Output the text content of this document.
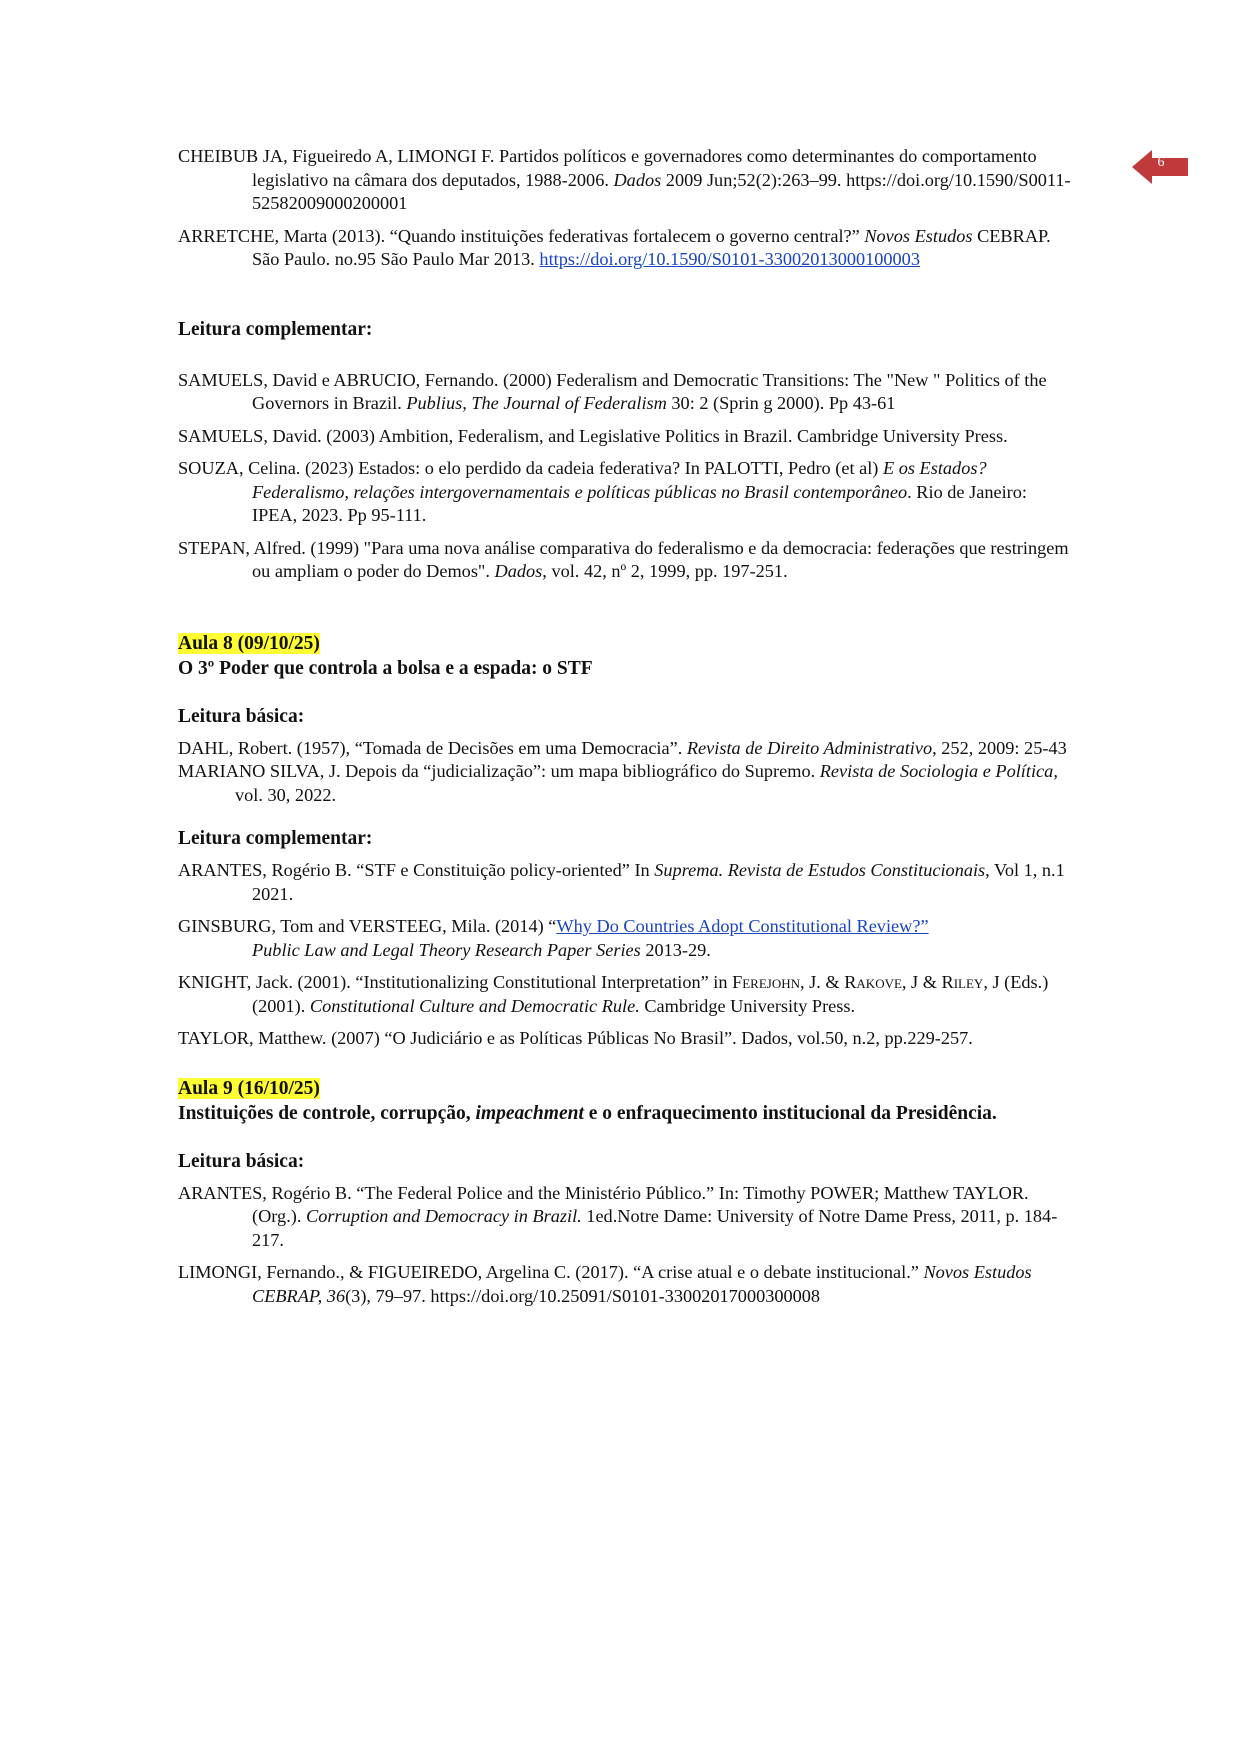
6

CHEIBUB JA, Figueiredo A, LIMONGI F. Partidos políticos e governadores como determinantes do comportamento legislativo na câmara dos deputados, 1988-2006. Dados 2009 Jun;52(2):263–99. https://doi.org/10.1590/S0011-52582009000200001

ARRETCHE, Marta (2013). “Quando instituições federativas fortalecem o governo central?” Novos Estudos CEBRAP. São Paulo. no.95 São Paulo Mar 2013. https://doi.org/10.1590/S0101-33002013000100003

Leitura complementar:

SAMUELS, David e ABRUCIO, Fernando. (2000) Federalism and Democratic Transitions: The "New " Politics of the Governors in Brazil. Publius, The Journal of Federalism 30: 2 (Sprin g 2000). Pp 43-61

SAMUELS, David. (2003) Ambition, Federalism, and Legislative Politics in Brazil. Cambridge University Press.

SOUZA, Celina. (2023) Estados: o elo perdido da cadeia federativa? In PALOTTI, Pedro (et al) E os Estados? Federalismo, relações intergovernamentais e políticas públicas no Brasil contemporâneo. Rio de Janeiro: IPEA, 2023. Pp 95-111.

STEPAN, Alfred. (1999) "Para uma nova análise comparativa do federalismo e da democracia: federações que restringem ou ampliam o poder do Demos". Dados, vol. 42, nº 2, 1999, pp. 197-251.

Aula 8 (09/10/25)

O 3º Poder que controla a bolsa e a espada: o STF

Leitura básica:

DAHL, Robert. (1957), “Tomada de Decisões em uma Democracia”. Revista de Direito Administrativo, 252, 2009: 25-43

MARIANO SILVA, J. Depois da “judicialização”: um mapa bibliográfico do Supremo. Revista de Sociologia e Política, vol. 30, 2022.

Leitura complementar:

ARANTES, Rogério B. “STF e Constituição policy-oriented” In Suprema. Revista de Estudos Constitucionais, Vol 1, n.1 2021.

GINSBURG, Tom and VERSTEEG, Mila. (2014) “Why Do Countries Adopt Constitutional Review?”
Public Law and Legal Theory Research Paper Series 2013-29.

KNIGHT, Jack. (2001). “Institutionalizing Constitutional Interpretation” in Ferejohn, J. & Rakove, J & Riley, J (Eds.) (2001). Constitutional Culture and Democratic Rule. Cambridge University Press.

TAYLOR, Matthew. (2007) “O Judiciário e as Políticas Públicas No Brasil”. Dados, vol.50, n.2, pp.229-257.

Aula 9 (16/10/25)

Instituições de controle, corrupção, impeachment e o enfraquecimento institucional da Presidência.

Leitura básica:

ARANTES, Rogério B. “The Federal Police and the Ministério Público.” In: Timothy POWER; Matthew TAYLOR. (Org.). Corruption and Democracy in Brazil. 1ed.Notre Dame: University of Notre Dame Press, 2011, p. 184-217.

LIMONGI, Fernando., & FIGUEIREDO, Argelina C. (2017). “A crise atual e o debate institucional.” Novos Estudos CEBRAP, 36(3), 79–97. https://doi.org/10.25091/S0101-33002017000300008
